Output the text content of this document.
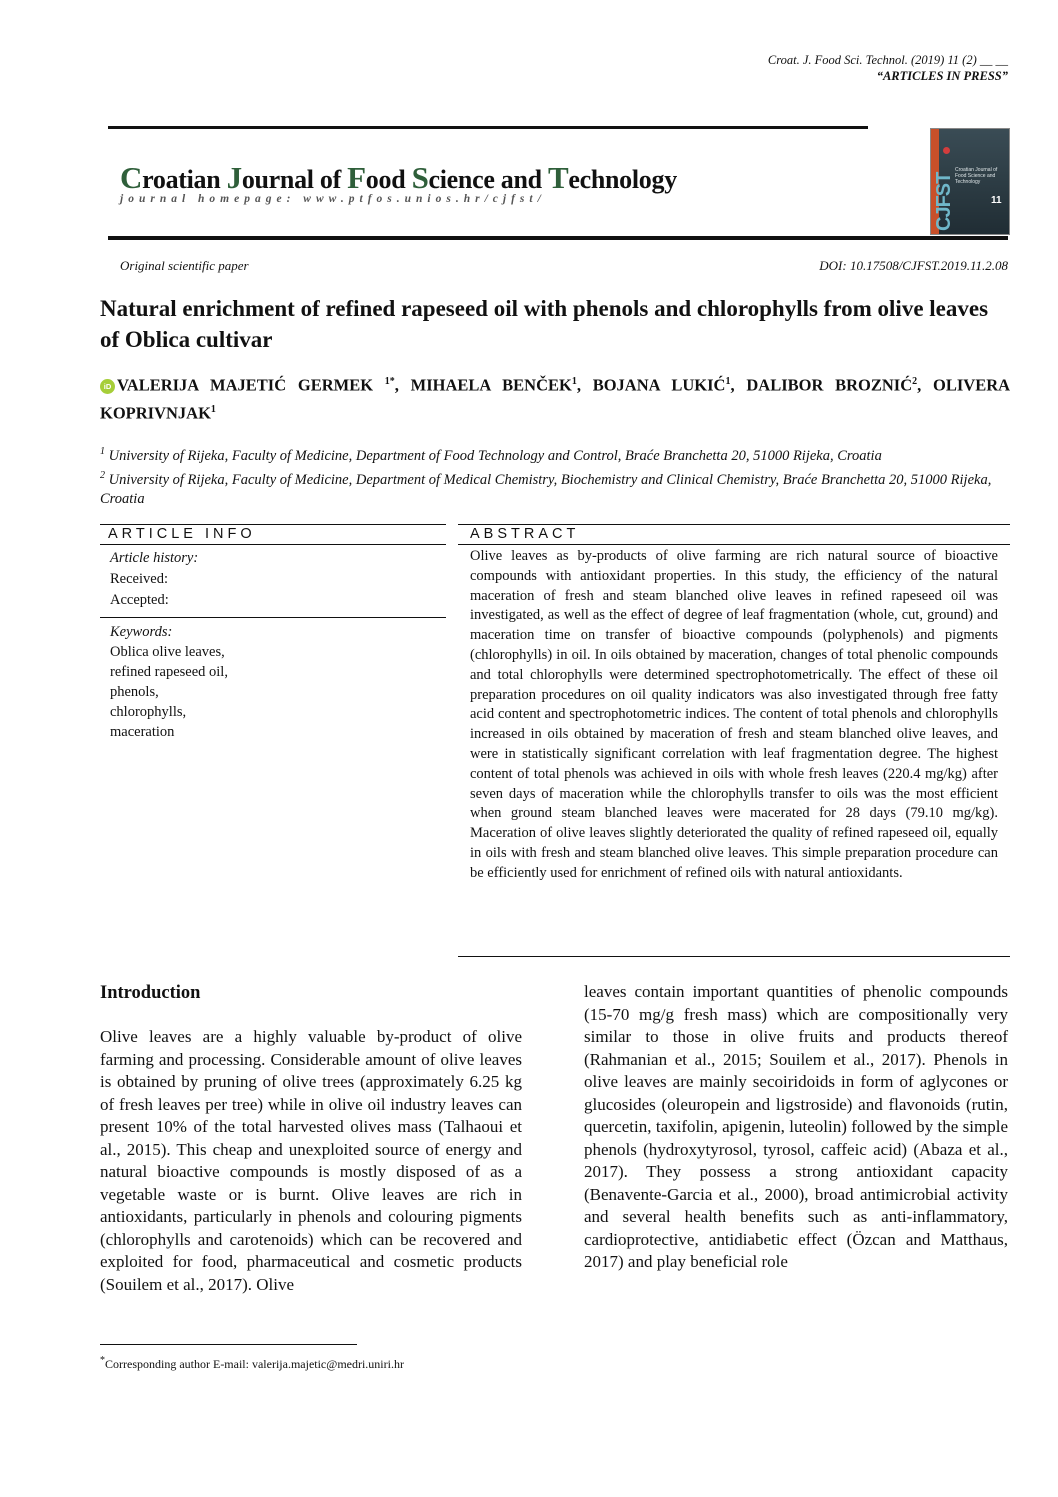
Croat. J. Food Sci. Technol. (2019) 11 (2) __ __
“ARTICLES IN PRESS”
Croatian Journal of Food Science and Technology
journal homepage: www.ptfos.unios.hr/cjfst/	CJFST
Croatian Journal of Food Science and Technology
11
Original scientific paper	DOI: 10.17508/CJFST.2019.11.2.08
Natural enrichment of refined rapeseed oil with phenols and chlorophylls from olive leaves of Oblica cultivar
iD VALERIJA MAJETIĆ GERMEK $^{1*}$, MIHAELA BENČEK$^1$, BOJANA LUKIĆ$^1$, DALIBOR BROZNIĆ$^2$, OLIVERA KOPRIVNJAK$^1$
$^1$ University of Rijeka, Faculty of Medicine, Department of Food Technology and Control, Braće Branchetta 20, 51000 Rijeka, Croatia
$^2$ University of Rijeka, Faculty of Medicine, Department of Medical Chemistry, Biochemistry and Clinical Chemistry, Braće Branchetta 20, 51000 Rijeka, Croatia
ARTICLE INFO	ABSTRACT
Article history:
Received:
Accepted:
Keywords:
Oblica olive leaves,
refined rapeseed oil,
phenols,
chlorophylls,
maceration
Olive leaves as by-products of olive farming are rich natural source of bioactive compounds with antioxidant properties. In this study, the efficiency of the natural maceration of fresh and steam blanched olive leaves in refined rapeseed oil was investigated, as well as the effect of degree of leaf fragmentation (whole, cut, ground) and maceration time on transfer of bioactive compounds (polyphenols) and pigments (chlorophylls) in oil. In oils obtained by maceration, changes of total phenolic compounds and total chlorophylls were determined spectrophotometrically. The effect of these oil preparation procedures on oil quality indicators was also investigated through free fatty acid content and spectrophotometric indices. The content of total phenols and chlorophylls increased in oils obtained by maceration of fresh and steam blanched olive leaves, and were in statistically significant correlation with leaf fragmentation degree. The highest content of total phenols was achieved in oils with whole fresh leaves (220.4 mg/kg) after seven days of maceration while the chlorophylls transfer to oils was the most efficient when ground steam blanched leaves were macerated for 28 days (79.10 mg/kg). Maceration of olive leaves slightly deteriorated the quality of refined rapeseed oil, equally in oils with fresh and steam blanched olive leaves. This simple preparation procedure can be efficiently used for enrichment of refined oils with natural antioxidants.
Introduction
Olive leaves are a highly valuable by-product of olive farming and processing. Considerable amount of olive leaves is obtained by pruning of olive trees (approximately 6.25 kg of fresh leaves per tree) while in olive oil industry leaves can present 10% of the total harvested olives mass (Talhaoui et al., 2015). This cheap and unexploited source of energy and natural bioactive compounds is mostly disposed of as a vegetable waste or is burnt. Olive leaves are rich in antioxidants, particularly in phenols and colouring pigments (chlorophylls and carotenoids) which can be recovered and exploited for food, pharmaceutical and cosmetic products (Souilem et al., 2017). Olive
leaves contain important quantities of phenolic compounds (15-70 mg/g fresh mass) which are compositionally very similar to those in olive fruits and products thereof (Rahmanian et al., 2015; Souilem et al., 2017). Phenols in olive leaves are mainly secoiridoids in form of aglycones or glucosides (oleuropein and ligstroside) and flavonoids (rutin, quercetin, taxifolin, apigenin, luteolin) followed by the simple phenols (hydroxytyrosol, tyrosol, caffeic acid) (Abaza et al., 2017). They possess a strong antioxidant capacity (Benavente-Garcia et al., 2000), broad antimicrobial activity and several health benefits such as anti-inflammatory, cardioprotective, antidiabetic effect (Özcan and Matthaus, 2017) and play beneficial role
*Corresponding author E-mail: valerija.majetic@medri.uniri.hr
